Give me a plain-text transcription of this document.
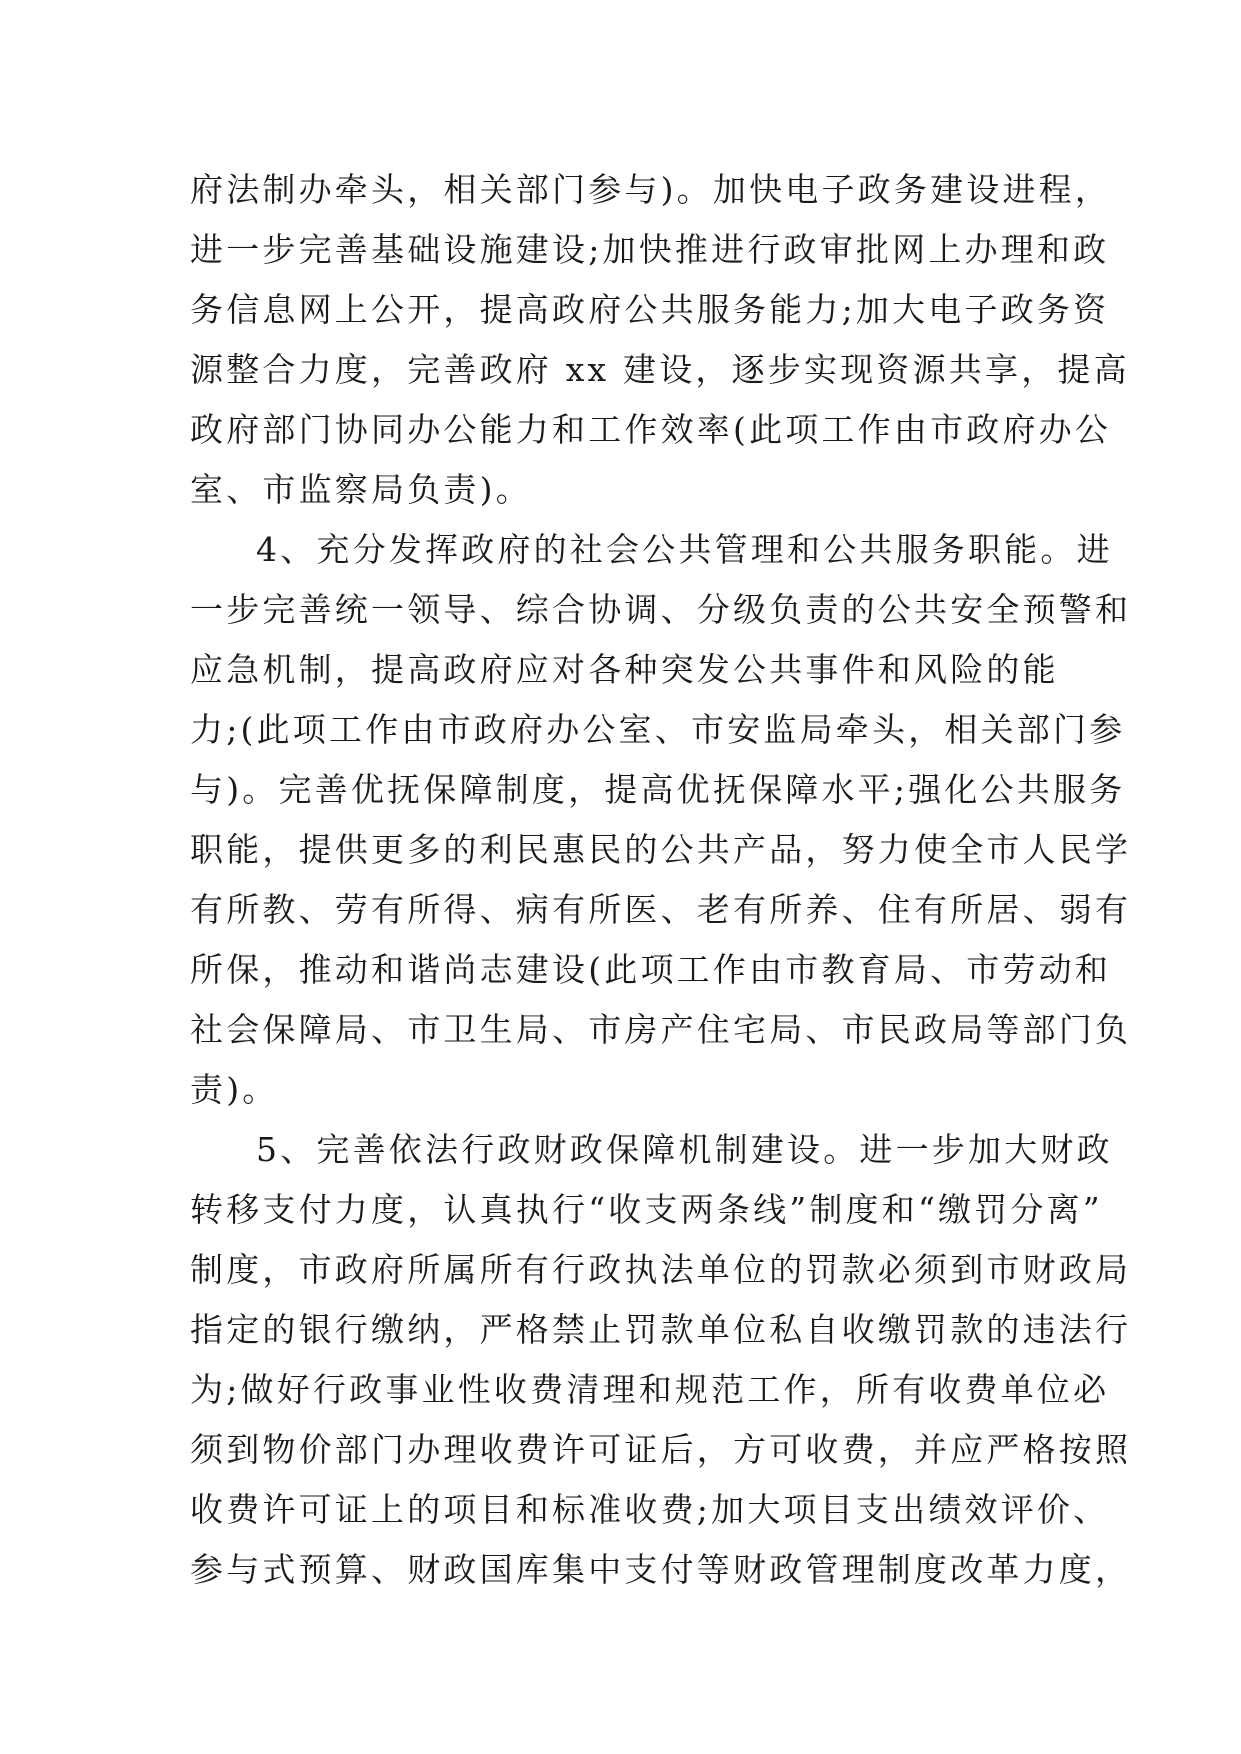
府法制办牵头，相关部门参与)。加快电子政务建设进程，
进一步完善基础设施建设;加快推进行政审批网上办理和政
务信息网上公开，提高政府公共服务能力;加大电子政务资
源整合力度，完善政府 xx 建设，逐步实现资源共享，提高
政府部门协同办公能力和工作效率(此项工作由市政府办公
室、市监察局负责)。
4、充分发挥政府的社会公共管理和公共服务职能。进
一步完善统一领导、综合协调、分级负责的公共安全预警和
应急机制，提高政府应对各种突发公共事件和风险的能
力;(此项工作由市政府办公室、市安监局牵头，相关部门参
与)。完善优抚保障制度，提高优抚保障水平;强化公共服务
职能，提供更多的利民惠民的公共产品，努力使全市人民学
有所教、劳有所得、病有所医、老有所养、住有所居、弱有
所保，推动和谐尚志建设(此项工作由市教育局、市劳动和
社会保障局、市卫生局、市房产住宅局、市民政局等部门负
责)。
5、完善依法行政财政保障机制建设。进一步加大财政
转移支付力度，认真执行“收支两条线”制度和“缴罚分离”
制度，市政府所属所有行政执法单位的罚款必须到市财政局
指定的银行缴纳，严格禁止罚款单位私自收缴罚款的违法行
为;做好行政事业性收费清理和规范工作，所有收费单位必
须到物价部门办理收费许可证后，方可收费，并应严格按照
收费许可证上的项目和标准收费;加大项目支出绩效评价、
参与式预算、财政国库集中支付等财政管理制度改革力度，
